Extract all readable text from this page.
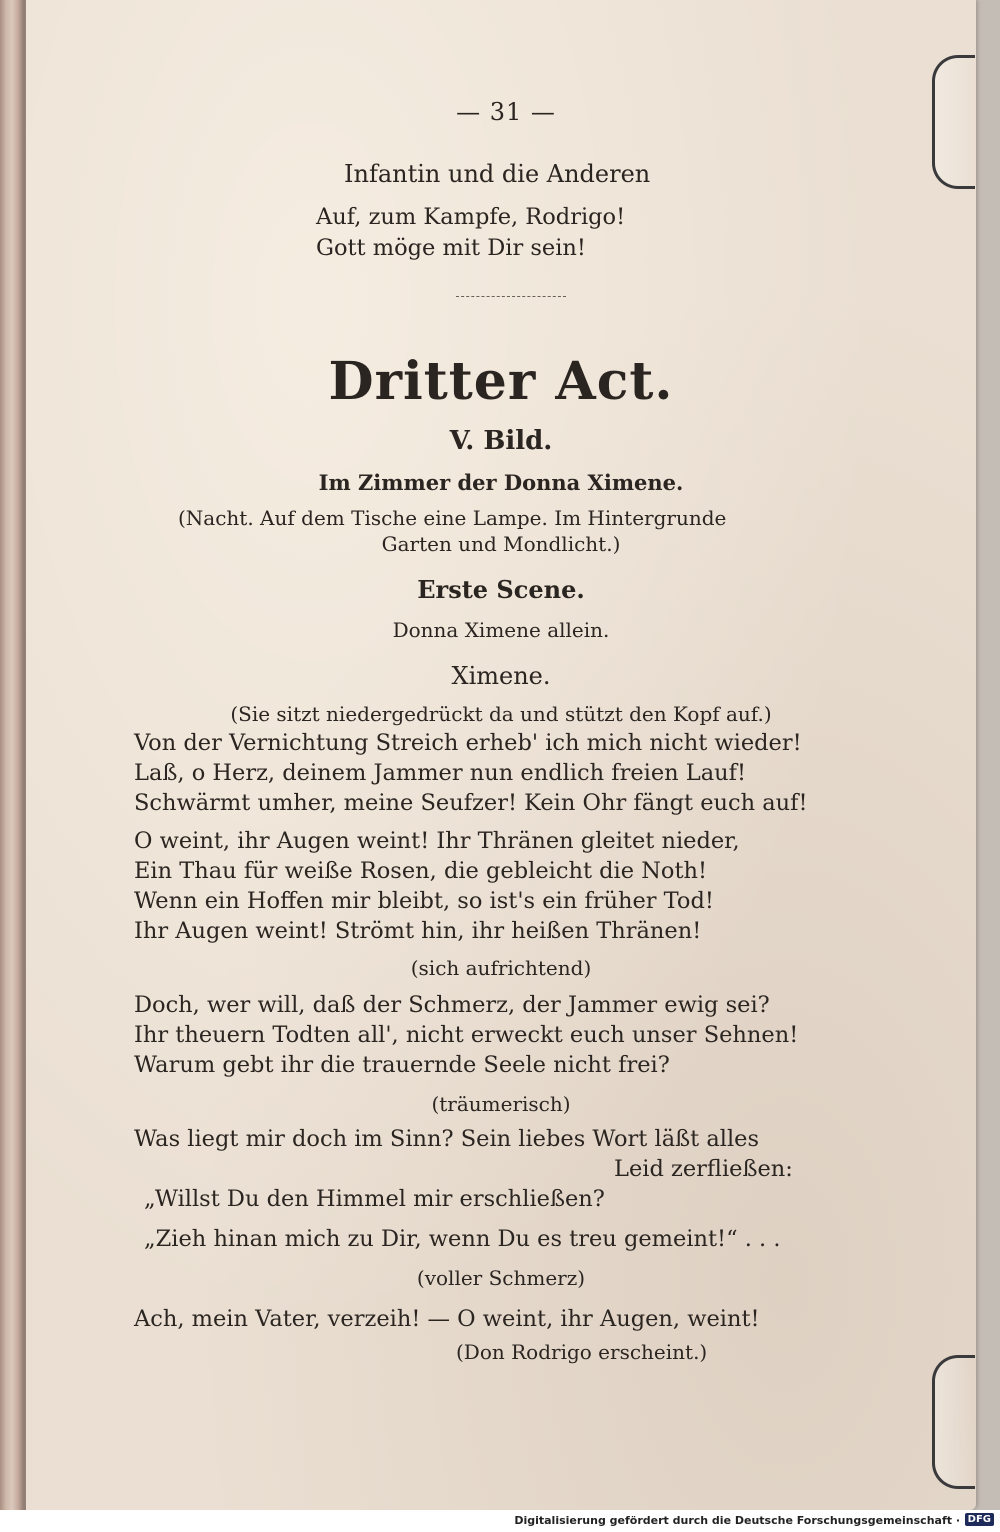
— 31 —
Infantin und die Anderen
Auf, zum Kampfe, Rodrigo!
Gott möge mit Dir sein!
Dritter Act.
V. Bild.
Im Zimmer der Donna Ximene.
(Nacht. Auf dem Tische eine Lampe. Im Hintergrunde
Garten und Mondlicht.)
Erste Scene.
Donna Ximene allein.
Ximene.
(Sie sitzt niedergedrückt da und stützt den Kopf auf.)
Von der Vernichtung Streich erheb' ich mich nicht wieder!
Laß, o Herz, deinem Jammer nun endlich freien Lauf!
Schwärmt umher, meine Seufzer! Kein Ohr fängt euch auf!
O weint, ihr Augen weint! Ihr Thränen gleitet nieder,
Ein Thau für weiße Rosen, die gebleicht die Noth!
Wenn ein Hoffen mir bleibt, so ist's ein früher Tod!
Ihr Augen weint! Strömt hin, ihr heißen Thränen!
(sich aufrichtend)
Doch, wer will, daß der Schmerz, der Jammer ewig sei?
Ihr theuern Todten all', nicht erweckt euch unser Sehnen!
Warum gebt ihr die trauernde Seele nicht frei?
(träumerisch)
Was liegt mir doch im Sinn? Sein liebes Wort läßt alles
Leid zerfließen:
„Willst Du den Himmel mir erschließen?
„Zieh hinan mich zu Dir, wenn Du es treu gemeint!“ . . .
(voller Schmerz)
Ach, mein Vater, verzeih! — O weint, ihr Augen, weint!
(Don Rodrigo erscheint.)
Digitalisierung gefördert durch die Deutsche Forschungsgemeinschaft · DFG
